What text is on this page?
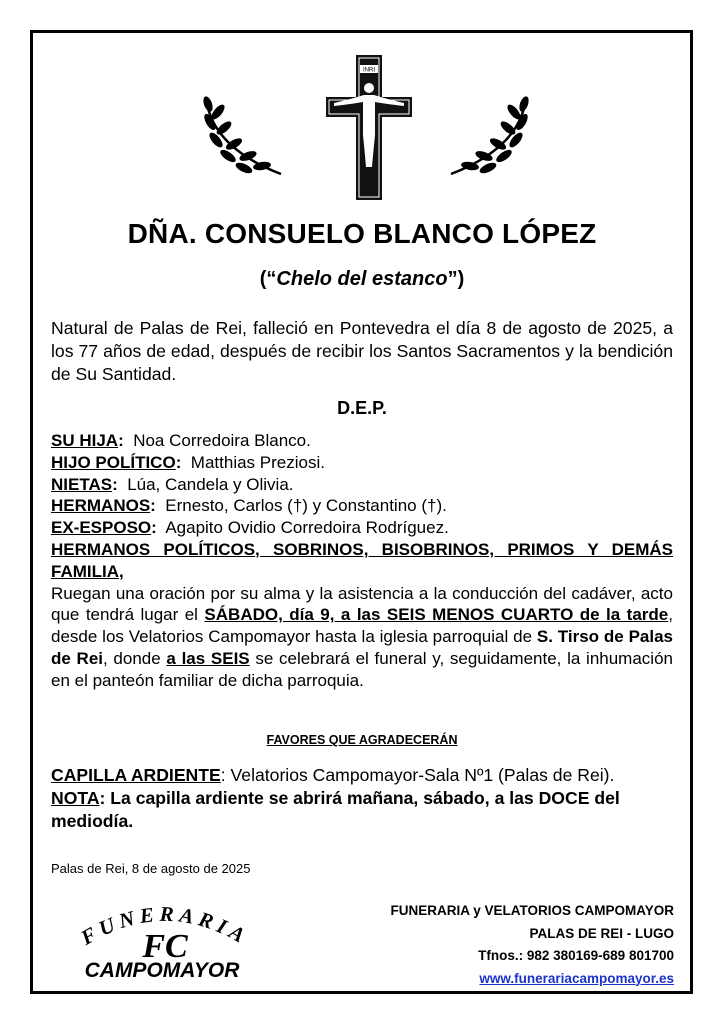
INRI
DÑA. CONSUELO BLANCO LÓPEZ
(“Chelo del estanco”)
Natural de Palas de Rei, falleció en Pontevedra el día 8 de agosto de 2025, a los 77 años de edad, después de recibir los Santos Sacramentos y la bendición de Su Santidad.
D.E.P.
SU HIJA:  Noa Corredoira Blanco.
HIJO POLÍTICO:  Matthias Preziosi.
NIETAS:  Lúa, Candela y Olivia.
HERMANOS:  Ernesto, Carlos (†) y Constantino (†).
EX-ESPOSO:  Agapito Ovidio Corredoira Rodríguez.
HERMANOS POLÍTICOS, SOBRINOS, BISOBRINOS, PRIMOS Y DEMÁS FAMILIA,
Ruegan una oración por su alma y la asistencia a la conducción del cadáver, acto que tendrá lugar el SÁBADO, día 9, a las SEIS MENOS CUARTO de la tarde, desde los Velatorios Campomayor hasta la iglesia parroquial de S. Tirso de Palas de Rei, donde a las SEIS se celebrará el funeral y, seguidamente, la inhumación en el panteón familiar de dicha parroquia.
FAVORES QUE AGRADECERÁN
CAPILLA ARDIENTE: Velatorios Campomayor-Sala Nº1 (Palas de Rei).
NOTA: La capilla ardiente se abrirá mañana, sábado, a las DOCE del mediodía.
Palas de Rei, 8 de agosto de 2025
FUNERARIA
FC
CAMPOMAYOR
FUNERARIA y VELATORIOS CAMPOMAYOR
PALAS DE REI - LUGO
Tfnos.: 982 380169-689 801700
www.funerariacampomayor.es
